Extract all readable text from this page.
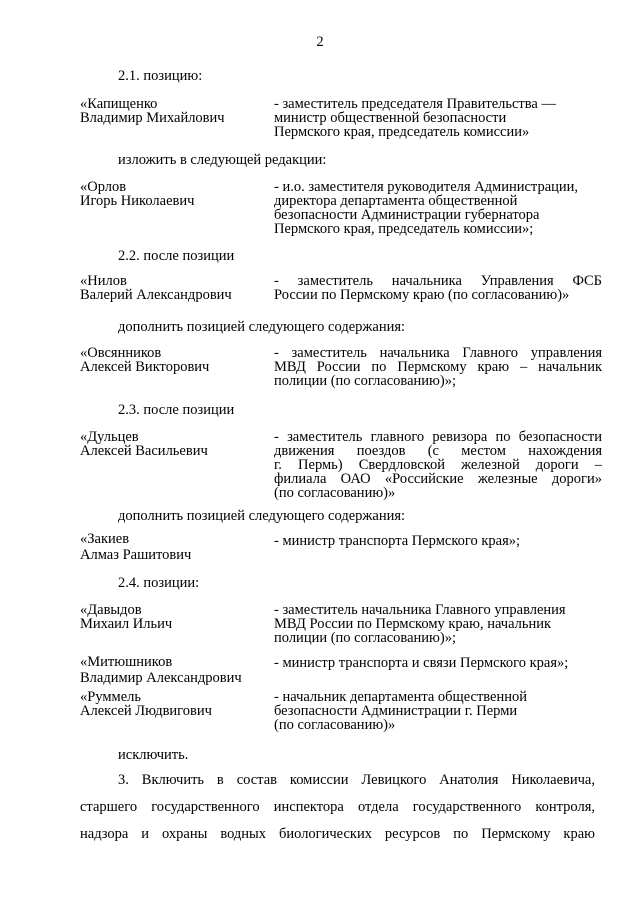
2
2.1. позицию:
«Капищенко
Владимир Михайлович
- заместитель председателя Правительства —
министр общественной безопасности
Пермского края, председатель комиссии»
изложить в следующей редакции:
«Орлов
Игорь Николаевич
- и.о. заместителя руководителя Администрации,
директора департамента общественной
безопасности Администрации губернатора
Пермского края, председатель комиссии»;
2.2. после позиции
«Нилов
Валерий Александрович
- заместитель начальника Управления ФСБ
России по Пермскому краю (по согласованию)»
дополнить позицией следующего содержания:
«Овсянников
Алексей Викторович
- заместитель начальника Главного управления
МВД России по Пермскому краю – начальник
полиции (по согласованию)»;
2.3. после позиции
«Дульцев
Алексей Васильевич
- заместитель главного ревизора по безопасности
движения поездов (с местом нахождения
г. Пермь) Свердловской железной дороги –
филиала ОАО «Российские железные дороги»
(по согласованию)»
дополнить позицией следующего содержания:
«Закиев
Алмаз Рашитович
- министр транспорта Пермского края»;
2.4. позиции:
«Давыдов
Михаил Ильич
- заместитель начальника Главного управления
МВД России по Пермскому краю, начальник
полиции (по согласованию)»;
«Митюшников
Владимир Александрович
- министр транспорта и связи Пермского края»;
«Руммель
Алексей Людвигович
- начальник департамента общественной
безопасности Администрации г. Перми
(по согласованию)»
исключить.
3. Включить в состав комиссии Левицкого Анатолия Николаевича,
старшего государственного инспектора отдела государственного контроля,
надзора и охраны водных биологических ресурсов по Пермскому краю
